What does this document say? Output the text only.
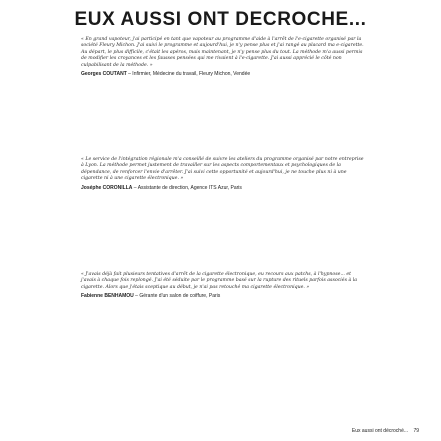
EUX AUSSI ONT DECROCHE...

« En grand vapoteur, j'ai participé en tant que vapoteur au programme d'aide à l'arrêt de l'e-cigarette organisé par la société Fleury Michon. J'ai suivi le programme et aujourd'hui, je n'y pense plus et j'ai rangé au placard ma e-cigarette. Au départ, le plus difficile, c'était les apéros, mais maintenant, je n'y pense plus du tout. La méthode m'a aussi permis de modifier les croyances et les fausses pensées qui me rivaient à l'e-cigarette. J'ai aussi apprécié le côté non culpabilisant de la méthode. »

Georges COUTANT – Infirmier, Médecine du travail, Fleury Michon, Vendée

« Le service de l'intégration régionale m'a conseillé de suivre les ateliers du programme organisé par notre entreprise à Lyon. La méthode permet justement de travailler sur les aspects comportementaux et psychologiques de la dépendance, de renforcer l'envie d'arrêter. J'ai suivi cette opportunité et aujourd'hui, je ne touche plus ni à une cigarette ni à une cigarette électronique. »

Joséphe CORONILLA – Assistante de direction, Agence ITS Azur, Paris

« J'avais déjà fait plusieurs tentatives d'arrêt de la cigarette électronique, eu recours aux patchs, à l'hypnose... et j'avais à chaque fois replongé. J'ai été séduite par le programme basé sur la rupture des rituels parfois associés à la cigarette. Alors que j'étais sceptique au début, je n'ai pas retouché ma cigarette électronique. »

Fabienne BENHAMOU – Gérante d'un salon de coiffure, Paris

Eux aussi ont décroché... 79
